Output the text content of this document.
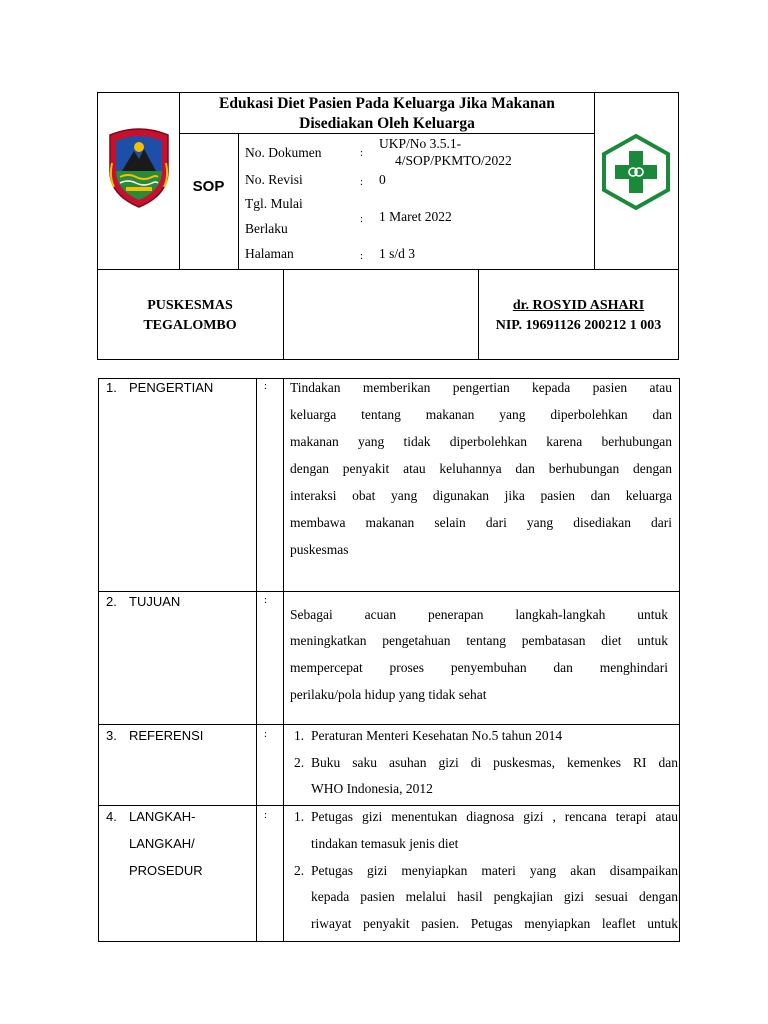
Edukasi Diet Pasien Pada Keluarga Jika Makanan
Disediakan Oleh Keluarga
SOP
No. Dokumen	:
UKP/No 3.5.1-
4/SOP/PKMTO/2022
No. Revisi	: 0
Tgl. Mulai
Berlaku
: 1 Maret 2022
Halaman	: 1 s/d 3
PUSKESMAS
TEGALOMBO
dr. ROSYID ASHARI
NIP. 19691126 200212 1 003
1. PENGERTIAN	: Tindakan memberikan pengertian kepada pasien atau
keluarga tentang makanan yang diperbolehkan dan
makanan yang tidak diperbolehkan karena berhubungan
dengan penyakit atau keluhannya dan berhubungan dengan
interaksi obat yang digunakan jika pasien dan keluarga
membawa makanan selain dari yang disediakan dari
puskesmas
2. TUJUAN	:
Sebagai acuan penerapan langkah-langkah untuk
meningkatkan pengetahuan tentang pembatasan diet untuk
mempercepat proses penyembuhan dan menghindari
perilaku/pola hidup yang tidak sehat
3. REFERENSI	: 1. Peraturan Menteri Kesehatan No.5 tahun 2014
2. Buku saku asuhan gizi di puskesmas, kemenkes RI dan
WHO Indonesia, 2012
4. LANGKAH-
LANGKAH/
PROSEDUR
: 1. Petugas gizi menentukan diagnosa gizi , rencana terapi atau
tindakan temasuk jenis diet
2. Petugas gizi menyiapkan materi yang akan disampaikan
kepada pasien melalui hasil pengkajian gizi sesuai dengan
riwayat penyakit pasien. Petugas menyiapkan leaflet untuk
